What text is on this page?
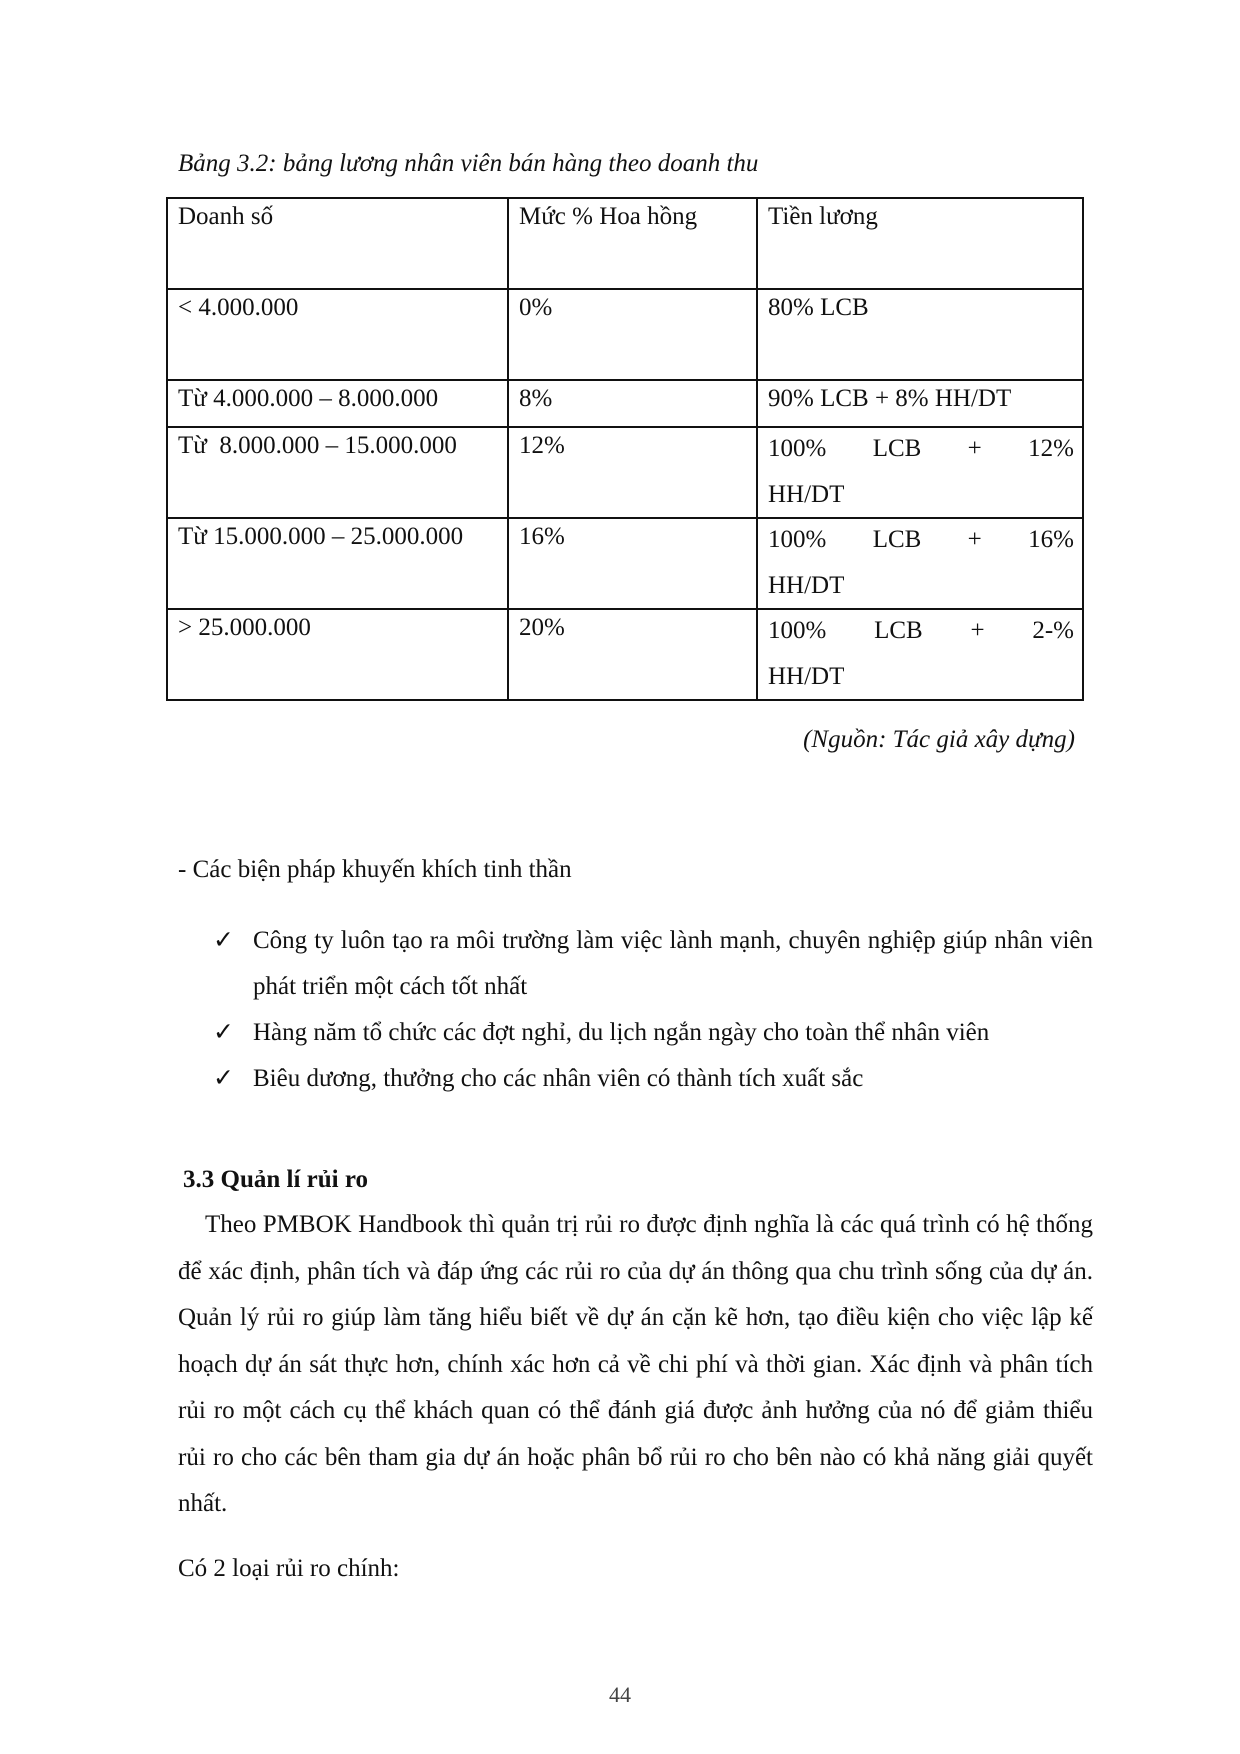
Bảng 3.2: bảng lương nhân viên bán hàng theo doanh thu
Doanh số	Mức % Hoa hồng	Tiền lương
< 4.000.000	0%	80% LCB
Từ 4.000.000 – 8.000.000	8%	90% LCB + 8% HH/DT
Từ  8.000.000 – 15.000.000	12%	100% LCB + 12%
HH/DT

Từ 15.000.000 – 25.000.000	16%	100% LCB + 16%
HH/DT

> 25.000.000	20%	100% LCB + 2-%
HH/DT
(Nguồn: Tác giả xây dựng)
- Các biện pháp khuyến khích tinh thần
✓ Công ty luôn tạo ra môi trường làm việc lành mạnh, chuyên nghiệp giúp nhân viên phát triển một cách tốt nhất
✓ Hàng năm tổ chức các đợt nghỉ, du lịch ngắn ngày cho toàn thể nhân viên
✓ Biêu dương, thưởng cho các nhân viên có thành tích xuất sắc
3.3 Quản lí rủi ro
Theo PMBOK Handbook thì quản trị rủi ro được định nghĩa là các quá trình có hệ thống để xác định, phân tích và đáp ứng các rủi ro của dự án thông qua chu trình sống của dự án. Quản lý rủi ro giúp làm tăng hiểu biết về dự án cặn kẽ hơn, tạo điều kiện cho việc lập kế hoạch dự án sát thực hơn, chính xác hơn cả về chi phí và thời gian. Xác định và phân tích rủi ro một cách cụ thể khách quan có thể đánh giá được ảnh hưởng của nó để giảm thiểu rủi ro cho các bên tham gia dự án hoặc phân bổ rủi ro cho bên nào có khả năng giải quyết nhất.
Có 2 loại rủi ro chính:
44
